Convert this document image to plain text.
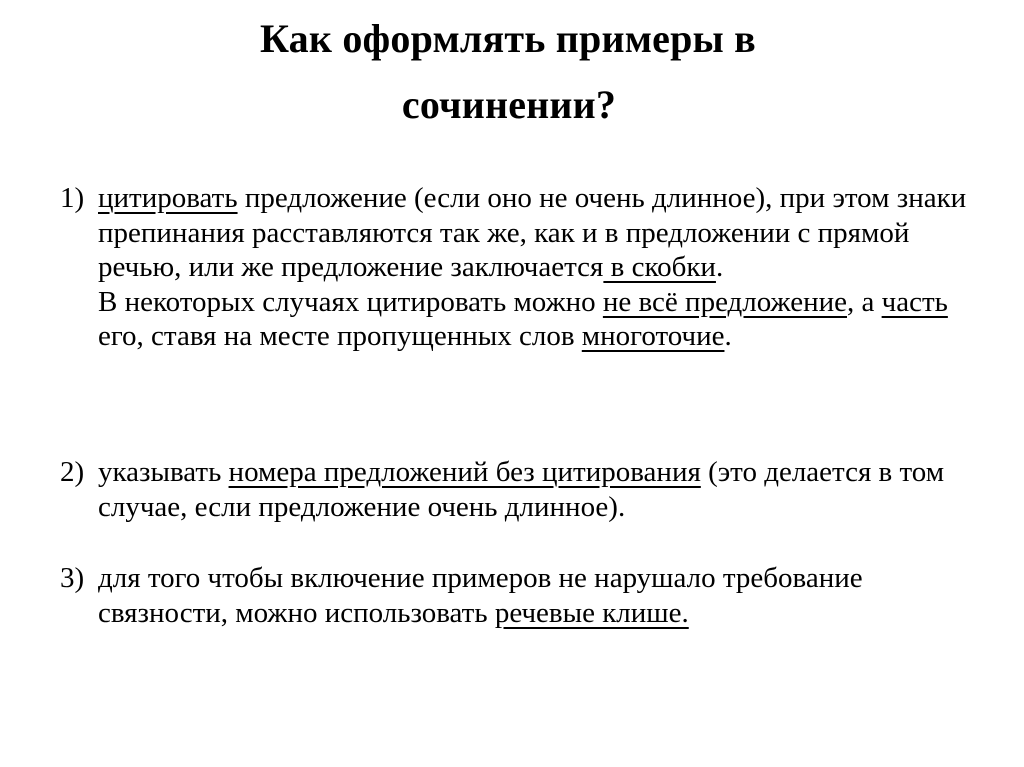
Как оформлять примеры в
сочинении?
1) цитировать предложение (если оно не очень длинное), при этом знаки препинания расставляются так же, как и в предложении с прямой речью, или же предложение заключается в скобки.
В некоторых случаях цитировать можно не всё предложение, а часть его, ставя на месте пропущенных слов многоточие.
2) указывать номера предложений без цитирования (это делается в том случае, если предложение очень длинное).
3) для того чтобы включение примеров не нарушало требование связности, можно использовать речевые клише.
